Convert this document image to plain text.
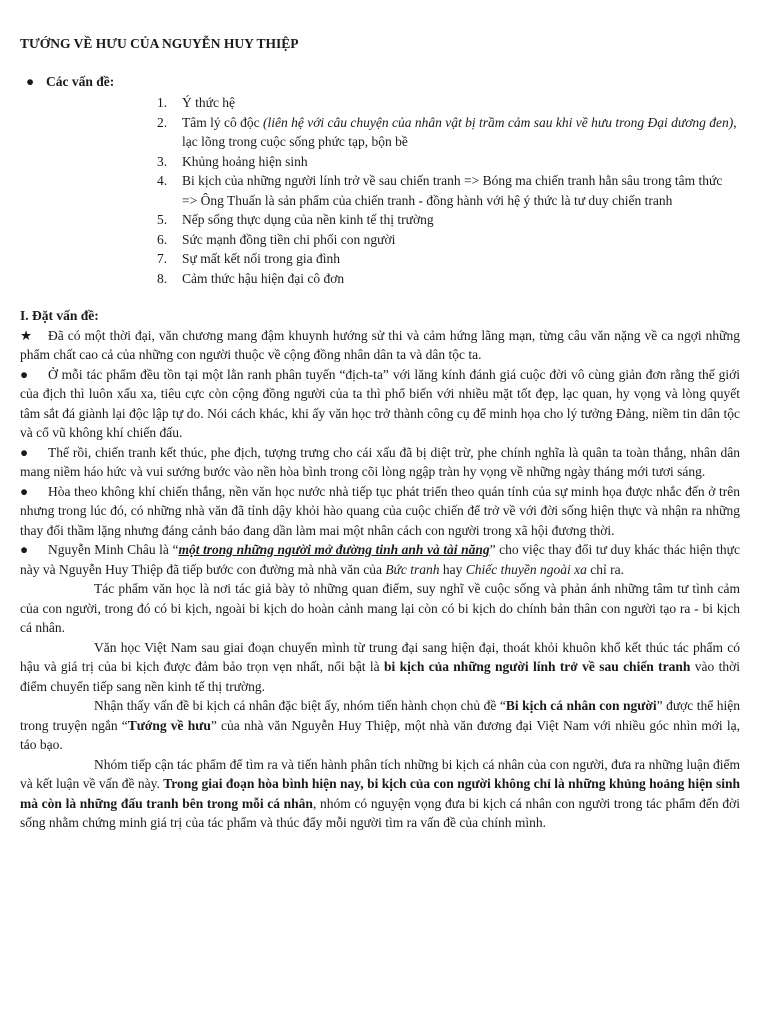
TƯỚNG VỀ HƯU CỦA NGUYỄN HUY THIỆP
● Các vấn đề:
1. Ý thức hệ
2. Tâm lý cô độc (liên hệ với câu chuyện của nhân vật bị trầm cảm sau khi về hưu trong Đại dương đen), lạc lõng trong cuộc sống phức tạp, bộn bề
3. Khủng hoảng hiện sinh
4. Bi kịch của những người lính trở về sau chiến tranh => Bóng ma chiến tranh hằn sâu trong tâm thức => Ông Thuấn là sản phẩm của chiến tranh - đồng hành với hệ ý thức là tư duy chiến tranh
5. Nếp sống thực dụng của nền kinh tế thị trường
6. Sức mạnh đồng tiền chi phối con người
7. Sự mất kết nối trong gia đình
8. Cảm thức hậu hiện đại cô đơn
I. Đặt vấn đề:

★ Đã có một thời đại, văn chương mang đậm khuynh hướng sử thi và cảm hứng lãng mạn, từng câu văn nặng về ca ngợi những phẩm chất cao cả của những con người thuộc về cộng đồng nhân dân ta và dân tộc ta.

● Ở mỗi tác phẩm đều tồn tại một lằn ranh phân tuyến “địch-ta” với lăng kính đánh giá cuộc đời vô cùng giản đơn rằng thế giới của địch thì luôn xấu xa, tiêu cực còn cộng đồng người của ta thì phổ biến với nhiều mặt tốt đẹp, lạc quan, hy vọng và lòng quyết tâm sắt đá giành lại độc lập tự do. Nói cách khác, khi ấy văn học trở thành công cụ để minh họa cho lý tưởng Đảng, niềm tin dân tộc và cổ vũ không khí chiến đấu.

● Thế rồi, chiến tranh kết thúc, phe địch, tượng trưng cho cái xấu đã bị diệt trừ, phe chính nghĩa là quân ta toàn thắng, nhân dân mang niềm háo hức và vui sướng bước vào nền hòa bình trong cõi lòng ngập tràn hy vọng về những ngày tháng mới tươi sáng.

● Hòa theo không khí chiến thắng, nền văn học nước nhà tiếp tục phát triển theo quán tính của sự minh họa được nhắc đến ở trên nhưng trong lúc đó, có những nhà văn đã tỉnh dậy khỏi hào quang của cuộc chiến để trở về với đời sống hiện thực và nhận ra những thay đổi thầm lặng nhưng đáng cảnh báo đang dần làm mai một nhân cách con người trong xã hội đương thời.

● Nguyễn Minh Châu là “một trong những người mở đường tinh anh và tài năng” cho việc thay đổi tư duy khác thác hiện thực này và Nguyễn Huy Thiệp đã tiếp bước con đường mà nhà văn của Bức tranh hay Chiếc thuyền ngoài xa chỉ ra.

Tác phẩm văn học là nơi tác giả bày tỏ những quan điểm, suy nghĩ về cuộc sống và phản ánh những tâm tư tình cảm của con người, trong đó có bi kịch, ngoài bi kịch do hoàn cảnh mang lại còn có bi kịch do chính bản thân con người tạo ra - bi kịch cá nhân.

Văn học Việt Nam sau giai đoạn chuyển mình từ trung đại sang hiện đại, thoát khỏi khuôn khổ kết thúc tác phẩm có hậu và giá trị của bi kịch được đảm bảo trọn vẹn nhất, nổi bật là bi kịch của những người lính trở về sau chiến tranh vào thời điểm chuyển tiếp sang nền kinh tế thị trường.

Nhận thấy vấn đề bi kịch cá nhân đặc biệt ấy, nhóm tiến hành chọn chủ đề “Bi kịch cá nhân con người” được thể hiện trong truyện ngắn “Tướng về hưu” của nhà văn Nguyễn Huy Thiệp, một nhà văn đương đại Việt Nam với nhiều góc nhìn mới lạ, táo bạo.

Nhóm tiếp cận tác phẩm để tìm ra và tiến hành phân tích những bi kịch cá nhân của con người, đưa ra những luận điểm và kết luận về vấn đề này. Trong giai đoạn hòa bình hiện nay, bi kịch của con người không chỉ là những khủng hoảng hiện sinh mà còn là những đấu tranh bên trong mỗi cá nhân, nhóm có nguyện vọng đưa bi kịch cá nhân con người trong tác phẩm đến đời sống nhằm chứng minh giá trị của tác phẩm và thúc đẩy mỗi người tìm ra vấn đề của chính mình.
